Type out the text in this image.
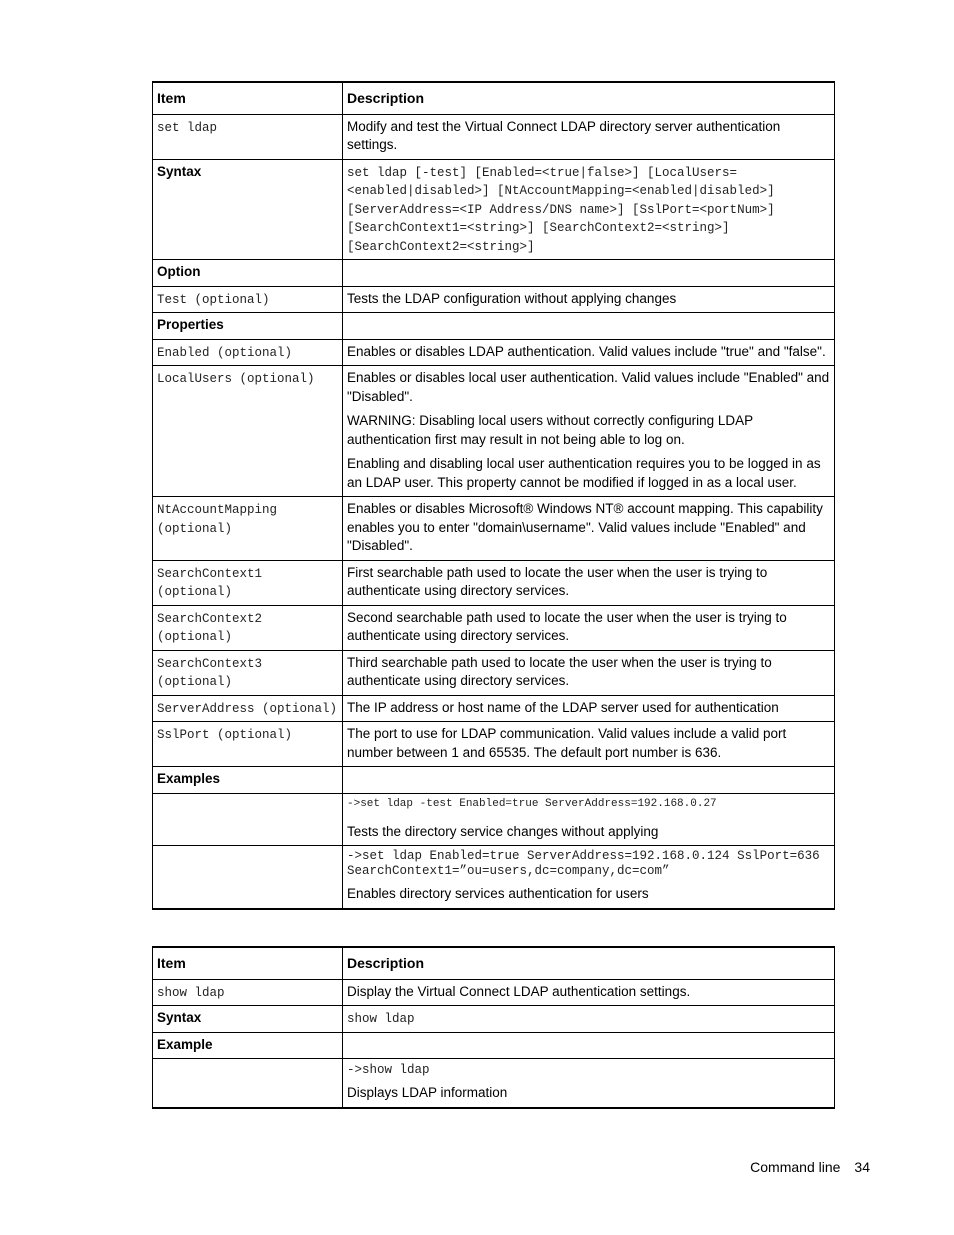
Item	Description
set ldap	Modify and test the Virtual Connect LDAP directory server authentication settings.
Syntax	set ldap [-test] [Enabled=<true|false>] [LocalUsers=<enabled|disabled>] [NtAccountMapping=<enabled|disabled>] [ServerAddress=<IP Address/DNS name>] [SslPort=<portNum>] [SearchContext1=<string>] [SearchContext2=<string>] [SearchContext2=<string>]
Option	
Test (optional)	Tests the LDAP configuration without applying changes
Properties	
Enabled (optional)	Enables or disables LDAP authentication. Valid values include "true" and "false".

LocalUsers (optional)	Enables or disables local user authentication. Valid values include "Enabled" and "Disabled".

WARNING: Disabling local users without correctly configuring LDAP authentication first may result in not being able to log on.

Enabling and disabling local user authentication requires you to be logged in as an LDAP user. This property cannot be modified if logged in as a local user.

NtAccountMapping (optional)	Enables or disables Microsoft® Windows NT® account mapping. This capability enables you to enter "domain\username". Valid values include "Enabled" and "Disabled".

SearchContext1 (optional)	First searchable path used to locate the user when the user is trying to authenticate using directory services.

SearchContext2 (optional)	Second searchable path used to locate the user when the user is trying to authenticate using directory services.

SearchContext3 (optional)	Third searchable path used to locate the user when the user is trying to authenticate using directory services.

ServerAddress (optional)	The IP address or host name of the LDAP server used for authentication

SslPort (optional)	The port to use for LDAP communication. Valid values include a valid port number between 1 and 65535. The default port number is 636.

Examples	

	->set ldap -test Enabled=true ServerAddress=192.168.0.27
Tests the directory service changes without applying

	->set ldap Enabled=true ServerAddress=192.168.0.124 SslPort=636 SearchContext1=”ou=users,dc=company,dc=com”
Enables directory services authentication for users
Item	Description
show ldap	Display the Virtual Connect LDAP authentication settings.
Syntax	show ldap
Example	

	->show ldap
Displays LDAP information
Command line 34
